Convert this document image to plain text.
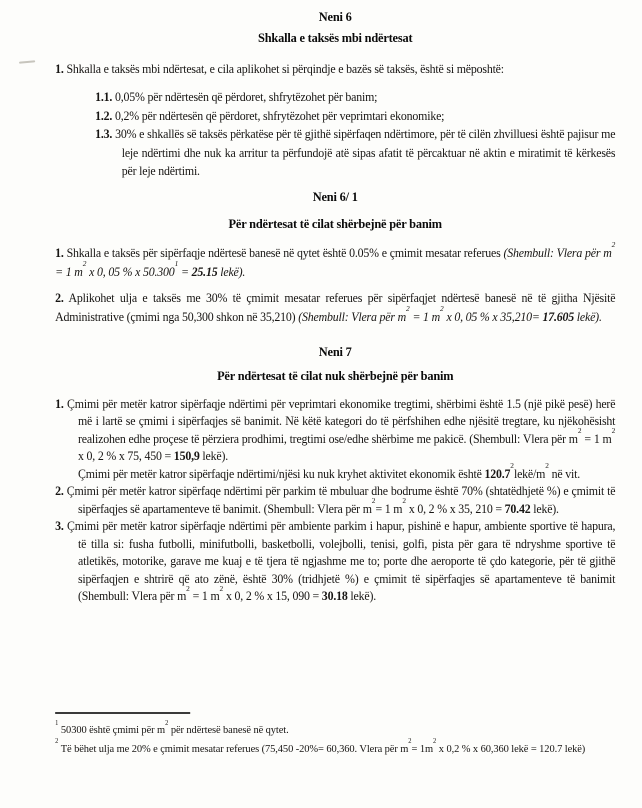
Neni 6
Shkalla e taksës mbi ndërtesat

1. Shkalla e taksës mbi ndërtesat, e cila aplikohet si përqindje e bazës së taksës, është si mëposhtë:

1.1. 0,05% për ndërtesën që përdoret, shfrytëzohet për banim;
1.2. 0,2% për ndërtesën që përdoret, shfrytëzohet për veprimtari ekonomike;
1.3. 30% e shkallës së taksës përkatëse për të gjithë sipërfaqen ndërtimore, për të cilën zhvilluesi është pajisur me leje ndërtimi dhe nuk ka arritur ta përfundojë atë sipas afatit të përcaktuar në aktin e miratimit të kërkesës për leje ndërtimi.
Neni 6/ 1
Për ndërtesat të cilat shërbejnë për banim

1. Shkalla e taksës për sipërfaqje ndërtesë banesë në qytet është 0.05% e çmimit mesatar referues (Shembull: Vlera për $m^2 = 1$ $m^2$ x 0, 05 % x $50.300^1 = 25.15$ lekë).

2. Aplikohet ulja e taksës me 30% të çmimit mesatar referues për sipërfaqjet ndërtesë banesë në të gjitha Njësitë Administrative (çmimi nga 50,300 shkon në 35,210) (Shembull: Vlera për $m^2 = 1$ $m^2$ x 0, 05 % x 35,210= 17.605 lekë).

Neni 7
Për ndërtesat të cilat nuk shërbejnë për banim
1. Çmimi për metër katror sipërfaqje ndërtimi për veprimtari ekonomike tregtimi, shërbimi është 1.5 (një pikë pesë) herë më i lartë se çmimi i sipërfaqjes së banimit. Në këtë kategori do të përfshihen edhe njësitë tregtare, ku njëkohësisht realizohen edhe proçese të përziera prodhimi, tregtimi ose/edhe shërbime me pakicë. (Shembull: Vlera për $m^2 = 1$ $m^2$ x 0, 2 % x 75, 450 = 150,9 lekë).
Çmimi për metër katror sipërfaqje ndërtimi/njësi ku nuk kryhet aktivitet ekonomik është $120.7^2lekë/m^2$ në vit.
2. Çmimi për metër katror sipërfaqe ndërtimi për parkim të mbuluar dhe bodrume është 70% (shtatëdhjetë %) e çmimit të sipërfaqjes së apartamenteve të banimit. (Shembull: Vlera për $m^2= 1$ $m^2$ x 0, 2 % x 35, 210 = 70.42 lekë).
3. Çmimi për metër katror sipërfaqje ndërtimi për ambiente parkim i hapur, pishinë e hapur, ambiente sportive të hapura, të tilla si: fusha futbolli, minifutbolli, basketbolli, volejbolli, tenisi, golfi, pista për gara të ndryshme sportive të atletikës, motorike, garave me kuaj e të tjera të ngjashme me to; porte dhe aeroporte të çdo kategorie, për të gjithë sipërfaqjen e shtrirë që ato zënë, është 30% (tridhjetë %) e çmimit të sipërfaqjes së apartamenteve të banimit (Shembull: Vlera për $m^2 = 1$ $m^2$ x 0, 2 % x 15, 090 = 30.18 lekë).
$^1$ 50300 është çmimi për $m^2$ për ndërtesë banesë në qytet.
$^2$ Të bëhet ulja me 20% e çmimit mesatar referues (75,450 -20%= 60,360. Vlera për $m^2= 1m^2$ x 0,2 % x 60,360 lekë = 120.7 lekë)
